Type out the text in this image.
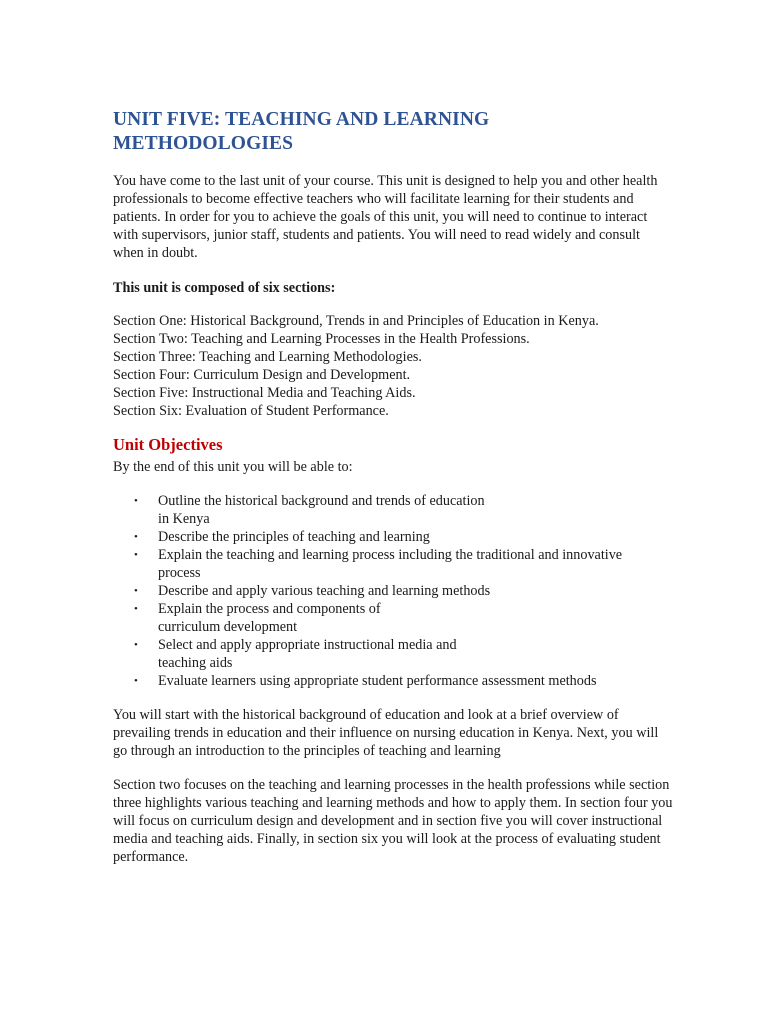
UNIT FIVE: TEACHING AND LEARNING
METHODOLOGIES

You have come to the last unit of your course. This unit is designed to help you and other health professionals to become effective teachers who will facilitate learning for their students and patients. In order for you to achieve the goals of this unit, you will need to continue to interact with supervisors, junior staff, students and patients. You will need to read widely and consult when in doubt.

This unit is composed of six sections:

Section One: Historical Background, Trends in and Principles of Education in Kenya.
Section Two: Teaching and Learning Processes in the Health Professions.
Section Three: Teaching and Learning Methodologies.
Section Four: Curriculum Design and Development.
Section Five: Instructional Media and Teaching Aids.
Section Six: Evaluation of Student Performance.
Unit Objectives

By the end of this unit you will be able to:

• Outline the historical background and trends of education
in Kenya
• Describe the principles of teaching and learning
• Explain the teaching and learning process including the traditional and innovative
process
• Describe and apply various teaching and learning methods
• Explain the process and components of
curriculum development
• Select and apply appropriate instructional media and
teaching aids
• Evaluate learners using appropriate student performance assessment methods

You will start with the historical background of education and look at a brief overview of prevailing trends in education and their influence on nursing education in Kenya. Next, you will go through an introduction to the principles of teaching and learning

Section two focuses on the teaching and learning processes in the health professions while section three highlights various teaching and learning methods and how to apply them. In section four you will focus on curriculum design and development and in section five you will cover instructional media and teaching aids. Finally, in section six you will look at the process of evaluating student performance.
